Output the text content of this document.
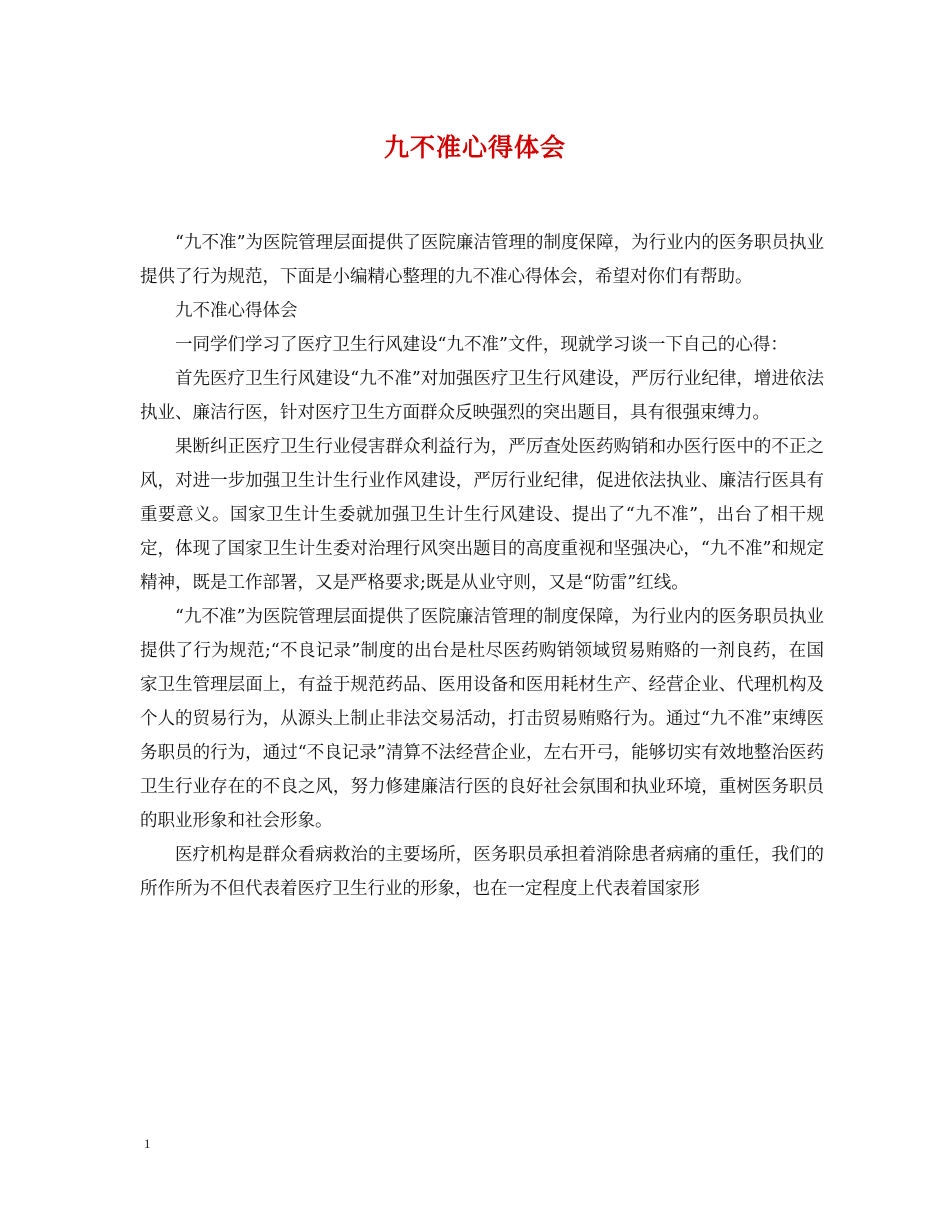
九不准心得体会

“九不准”为医院管理层面提供了医院廉洁管理的制度保障，为行业内的医务职员执业提供了行为规范，下面是小编精心整理的九不准心得体会，希望对你们有帮助。

九不准心得体会

一同学们学习了医疗卫生行风建设“九不准”文件，现就学习谈一下自己的心得：

首先医疗卫生行风建设“九不准”对加强医疗卫生行风建设，严厉行业纪律，增进依法执业、廉洁行医，针对医疗卫生方面群众反映强烈的突出题目，具有很强束缚力。

果断纠正医疗卫生行业侵害群众利益行为，严厉查处医药购销和办医行医中的不正之风，对进一步加强卫生计生行业作风建设，严厉行业纪律，促进依法执业、廉洁行医具有重要意义。国家卫生计生委就加强卫生计生行风建设、提出了“九不准”，出台了相干规定，体现了国家卫生计生委对治理行风突出题目的高度重视和坚强决心，“九不准”和规定精神，既是工作部署，又是严格要求;既是从业守则，又是“防雷”红线。

“九不准”为医院管理层面提供了医院廉洁管理的制度保障，为行业内的医务职员执业提供了行为规范;“不良记录”制度的出台是杜尽医药购销领域贸易贿赂的一剂良药，在国家卫生管理层面上，有益于规范药品、医用设备和医用耗材生产、经营企业、代理机构及个人的贸易行为，从源头上制止非法交易活动，打击贸易贿赂行为。通过“九不准”束缚医务职员的行为，通过“不良记录”清算不法经营企业，左右开弓，能够切实有效地整治医药卫生行业存在的不良之风，努力修建廉洁行医的良好社会氛围和执业环境，重树医务职员的职业形象和社会形象。

医疗机构是群众看病救治的主要场所，医务职员承担着消除患者病痛的重任，我们的所作所为不但代表着医疗卫生行业的形象，也在一定程度上代表着国家形

1
